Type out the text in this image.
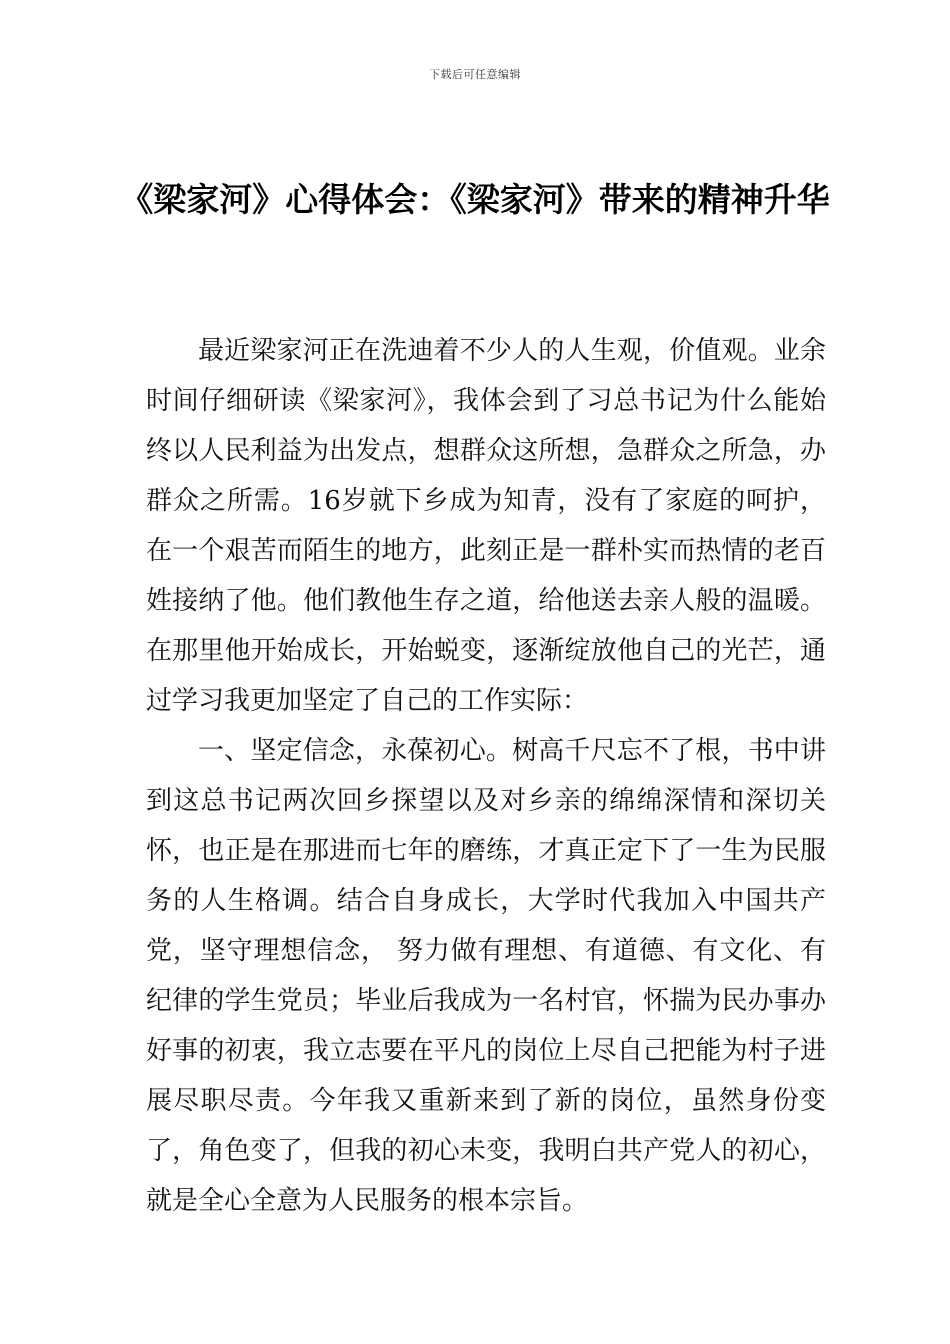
下载后可任意编辑
《梁家河》心得体会：《梁家河》带来的精神升华

最近梁家河正在洗迪着不少人的人生观，价值观。业余时间仔细研读《梁家河》，我体会到了习总书记为什么能始终以人民利益为出发点，想群众这所想，急群众之所急，办群众之所需。16岁就下乡成为知青，没有了家庭的呵护，在一个艰苦而陌生的地方，此刻正是一群朴实而热情的老百姓接纳了他。他们教他生存之道，给他送去亲人般的温暖。在那里他开始成长，开始蜕变，逐渐绽放他自己的光芒，通过学习我更加坚定了自己的工作实际：

一、坚定信念，永葆初心。树高千尺忘不了根，书中讲到这总书记两次回乡探望以及对乡亲的绵绵深情和深切关怀，也正是在那进而七年的磨练，才真正定下了一生为民服务的人生格调。结合自身成长，大学时代我加入中国共产党，坚守理想信念， 努力做有理想、有道德、有文化、有纪律的学生党员；毕业后我成为一名村官，怀揣为民办事办好事的初衷，我立志要在平凡的岗位上尽自己把能为村子进展尽职尽责。今年我又重新来到了新的岗位，虽然身份变了，角色变了，但我的初心未变，我明白共产党人的初心，就是全心全意为人民服务的根本宗旨。
